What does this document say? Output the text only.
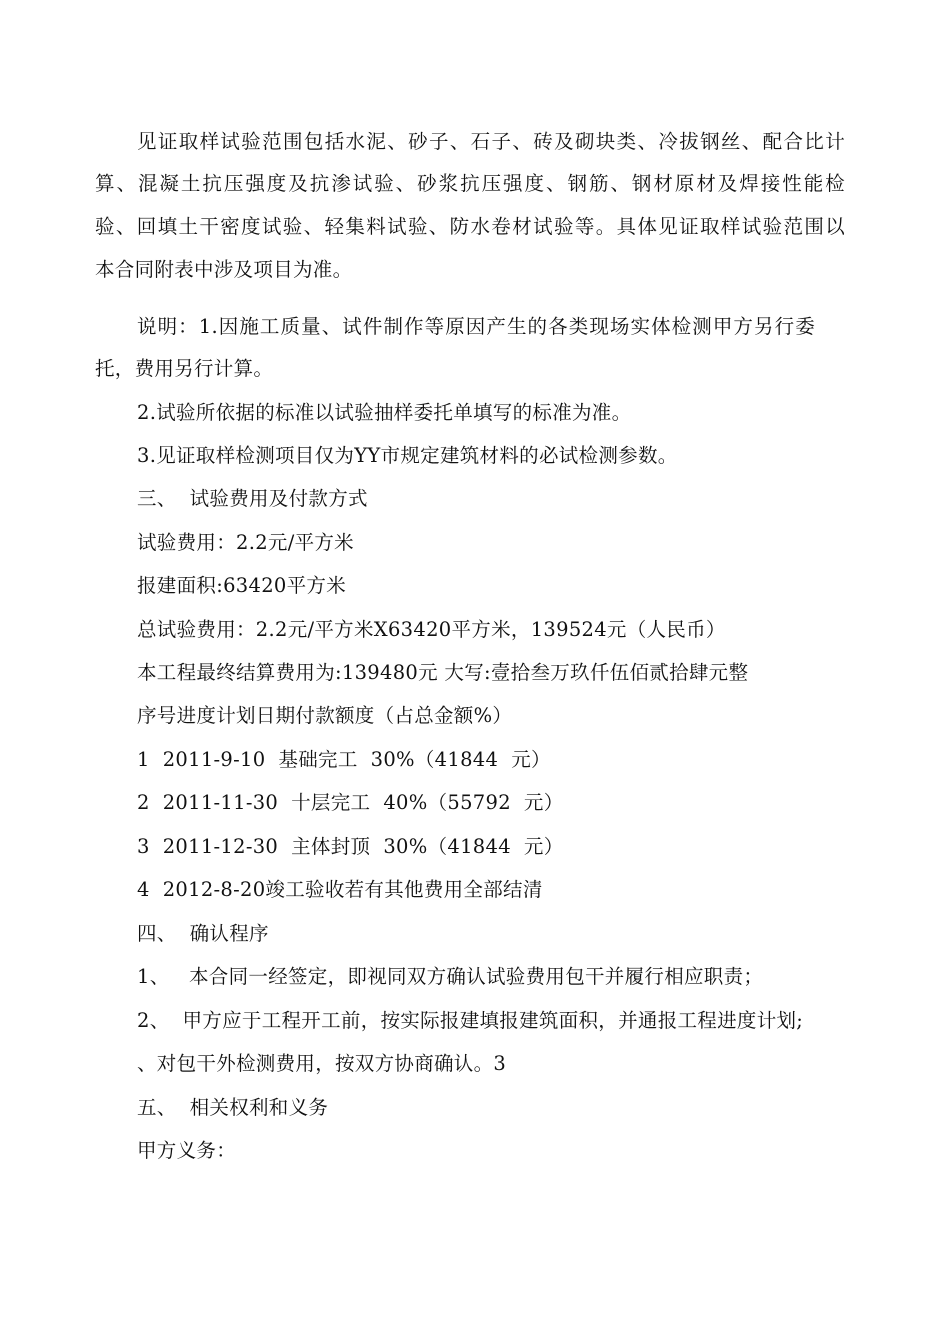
见证取样试验范围包括水泥、砂子、石子、砖及砌块类、冷拔钢丝、配合比计
算、混凝土抗压强度及抗渗试验、砂浆抗压强度、钢筋、钢材原材及焊接性能检
验、回填土干密度试验、轻集料试验、防水卷材试验等。具体见证取样试验范围以
本合同附表中涉及项目为准。
说明：1.因施工质量、试件制作等原因产生的各类现场实体检测甲方另行委
托，费用另行计算。
2.试验所依据的标准以试验抽样委托单填写的标准为准。
3.见证取样检测项目仅为YY市规定建筑材料的必试检测参数。
三、  试验费用及付款方式
试验费用：2.2元/平方米
报建面积:63420平方米
总试验费用：2.2元/平方米X63420平方米，139524元（人民币）
本工程最终结算费用为:139480元 大写:壹拾叁万玖仟伍佰贰拾肆元整
序号进度计划日期付款额度（占总金额%）
1  2011-9-10  基础完工  30%（41844  元）
2  2011-11-30  十层完工  40%（55792  元）
3  2011-12-30  主体封顶  30%（41844  元）
4  2012-8-20竣工验收若有其他费用全部结清
四、  确认程序
1、   本合同一经签定，即视同双方确认试验费用包干并履行相应职责；
2、  甲方应于工程开工前，按实际报建填报建筑面积，并通报工程进度计划;
、对包干外检测费用，按双方协商确认。3
五、  相关权利和义务
甲方义务：
